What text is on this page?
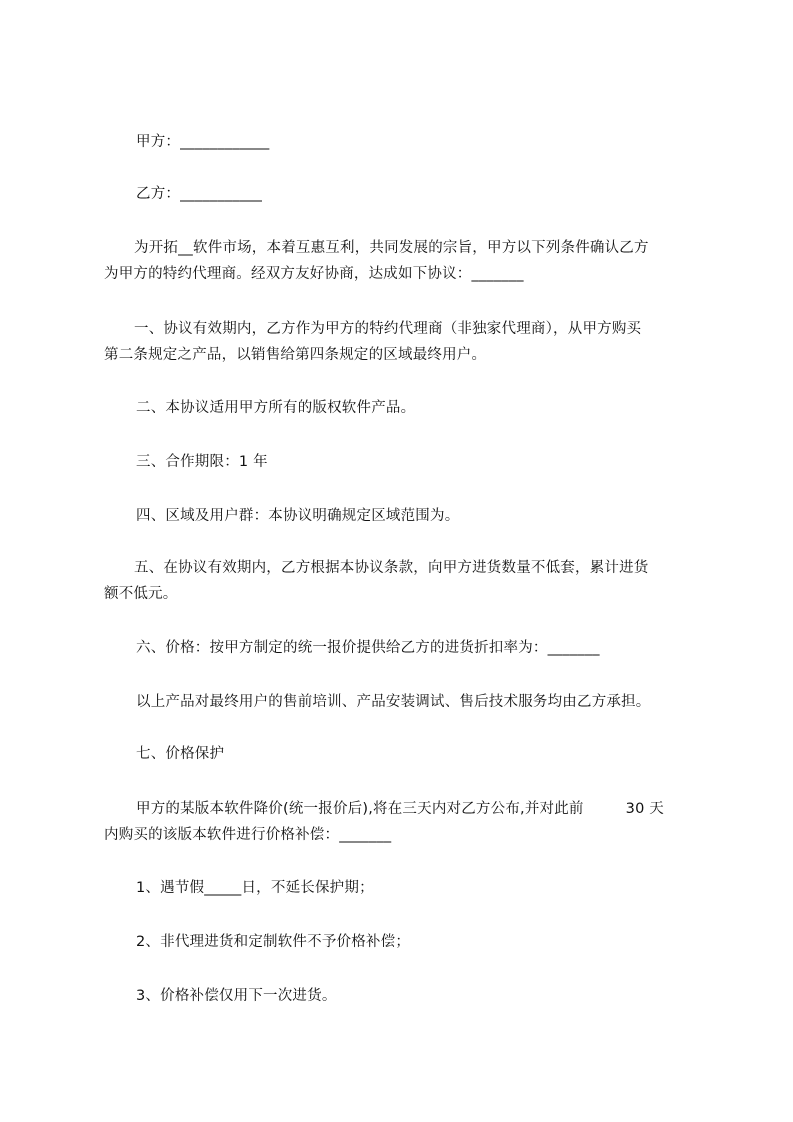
甲方：____________
乙方：___________
为开拓__软件市场，本着互惠互利，共同发展的宗旨，甲方以下列条件确认乙方
为甲方的特约代理商。经双方友好协商，达成如下协议：_______
一、协议有效期内，乙方作为甲方的特约代理商（非独家代理商），从甲方购买
第二条规定之产品，以销售给第四条规定的区域最终用户。
二、本协议适用甲方所有的版权软件产品。
三、合作期限：1 年
四、区域及用户群：本协议明确规定区域范围为。
五、在协议有效期内，乙方根据本协议条款，向甲方进货数量不低套，累计进货
额不低元。
六、价格：按甲方制定的统一报价提供给乙方的进货折扣率为：_______
以上产品对最终用户的售前培训、产品安装调试、售后技术服务均由乙方承担。
七、价格保护
甲方的某版本软件降价(统一报价后),将在三天内对乙方公布,并对此前	30 天
内购买的该版本软件进行价格补偿：_______
1、遇节假_____日，不延长保护期；
2、非代理进货和定制软件不予价格补偿；
3、价格补偿仅用下一次进货。
